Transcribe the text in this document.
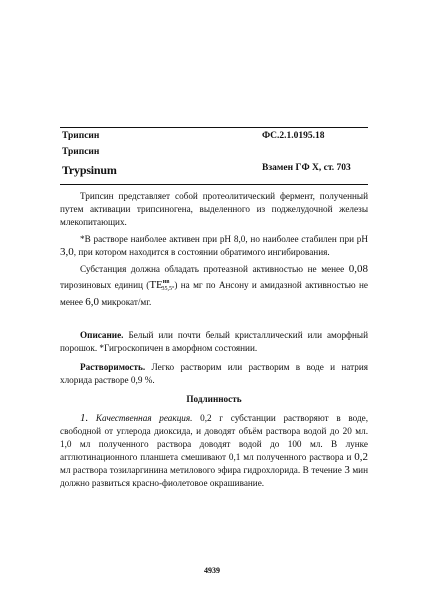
Трипсин	ФС.2.1.0195.18
Трипсин
Trypsinum	Взамен ГФ X, ст. 703

Трипсин представляет собой протеолитический фермент, полученный путем активации трипсиногена, выделенного из поджелудочной железы млекопитающих.

*В растворе наиболее активен при рН 8,0, но наиболее стабилен при рН 3,0, при котором находится в состоянии обратимого ингибирования.

Субстанция должна обладать протеазной активностью не менее 0,08 тирозиновых единиц $(ТЕ^{нв}_{35,5^\circ})$ на мг по Ансону и амидазной активностью не менее 6,0 микрокат/мг.

Описание. Белый или почти белый кристаллический или аморфный порошок. *Гигроскопичен в аморфном состоянии.

Растворимость. Легко растворим или растворим в воде и натрия хлорида растворе 0,9 %.

Подлинность

1. Качественная реакция. 0,2 г субстанции растворяют в воде, свободной от углерода диоксида, и доводят объём раствора водой до 20 мл. 1,0 мл полученного раствора доводят водой до 100 мл. В лунке агглютинационного планшета смешивают 0,1 мл полученного раствора и 0,2 мл раствора тозиларгинина метилового эфира гидрохлорида. В течение 3 мин должно развиться красно-фиолетовое окрашивание.

4939
